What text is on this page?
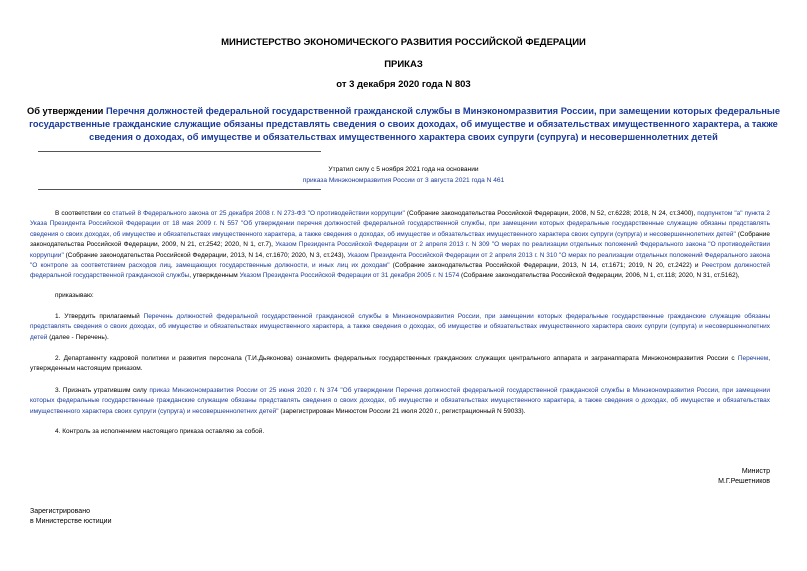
МИНИСТЕРСТВО ЭКОНОМИЧЕСКОГО РАЗВИТИЯ РОССИЙСКОЙ ФЕДЕРАЦИИ
ПРИКАЗ
от 3 декабря 2020 года N 803
Об утверждении Перечня должностей федеральной государственной гражданской службы в Минэкономразвития России, при замещении которых федеральные государственные гражданские служащие обязаны представлять сведения о своих доходах, об имуществе и обязательствах имущественного характера, а также сведения о доходах, об имуществе и обязательствах имущественного характера своих супруги (супруга) и несовершеннолетних детей
Утратил силу с 5 ноября 2021 года на основании
приказа Минэкономразвития России от 3 августа 2021 года N 461
В соответствии со статьей 8 Федерального закона от 25 декабря 2008 г. N 273-ФЗ "О противодействии коррупции" (Собрание законодательства Российской Федерации, 2008, N 52, ст.6228; 2018, N 24, ст.3400), подпунктом "а" пункта 2 Указа Президента Российской Федерации от 18 мая 2009 г. N 557 "Об утверждении перечня должностей федеральной государственной службы, при замещении которых федеральные государственные служащие обязаны представлять сведения о своих доходах, об имуществе и обязательствах имущественного характера, а также сведения о доходах, об имуществе и обязательствах имущественного характера своих супруги (супруга) и несовершеннолетних детей" (Собрание законодательства Российской Федерации, 2009, N 21, ст.2542; 2020, N 1, ст.7), Указом Президента Российской Федерации от 2 апреля 2013 г. N 309 "О мерах по реализации отдельных положений Федерального закона "О противодействии коррупции" (Собрание законодательства Российской Федерации, 2013, N 14, ст.1670; 2020, N 3, ст.243), Указом Президента Российской Федерации от 2 апреля 2013 г. N 310 "О мерах по реализации отдельных положений Федерального закона "О контроле за соответствием расходов лиц, замещающих государственные должности, и иных лиц их доходам" (Собрание законодательства Российской Федерации, 2013, N 14, ст.1671; 2019, N 20, ст.2422) и Реестром должностей федеральной государственной гражданской службы, утвержденным Указом Президента Российской Федерации от 31 декабря 2005 г. N 1574 (Собрание законодательства Российской Федерации, 2006, N 1, ст.118; 2020, N 31, ст.5162),
приказываю:
1. Утвердить прилагаемый Перечень должностей федеральной государственной гражданской службы в Минэкономразвития России, при замещении которых федеральные государственные гражданские служащие обязаны представлять сведения о своих доходах, об имуществе и обязательствах имущественного характера, а также сведения о доходах, об имуществе и обязательствах имущественного характера своих супруги (супруга) и несовершеннолетних детей (далее - Перечень).
2. Департаменту кадровой политики и развития персонала (Т.И.Дьяконова) ознакомить федеральных государственных гражданских служащих центрального аппарата и загранаппарата Минэкономразвития России с Перечнем, утвержденным настоящим приказом.
3. Признать утратившим силу приказ Минэкономразвития России от 25 июня 2020 г. N 374 "Об утверждении Перечня должностей федеральной государственной гражданской службы в Минэкономразвития России, при замещении которых федеральные государственные гражданские служащие обязаны представлять сведения о своих доходах, об имуществе и обязательствах имущественного характера, а также сведения о доходах, об имуществе и обязательствах имущественного характера своих супруги (супруга) и несовершеннолетних детей" (зарегистрирован Минюстом России 21 июля 2020 г., регистрационный N 59033).
4. Контроль за исполнением настоящего приказа оставляю за собой.
Министр
М.Г.Решетников
Зарегистрировано
в Министерстве юстиции
